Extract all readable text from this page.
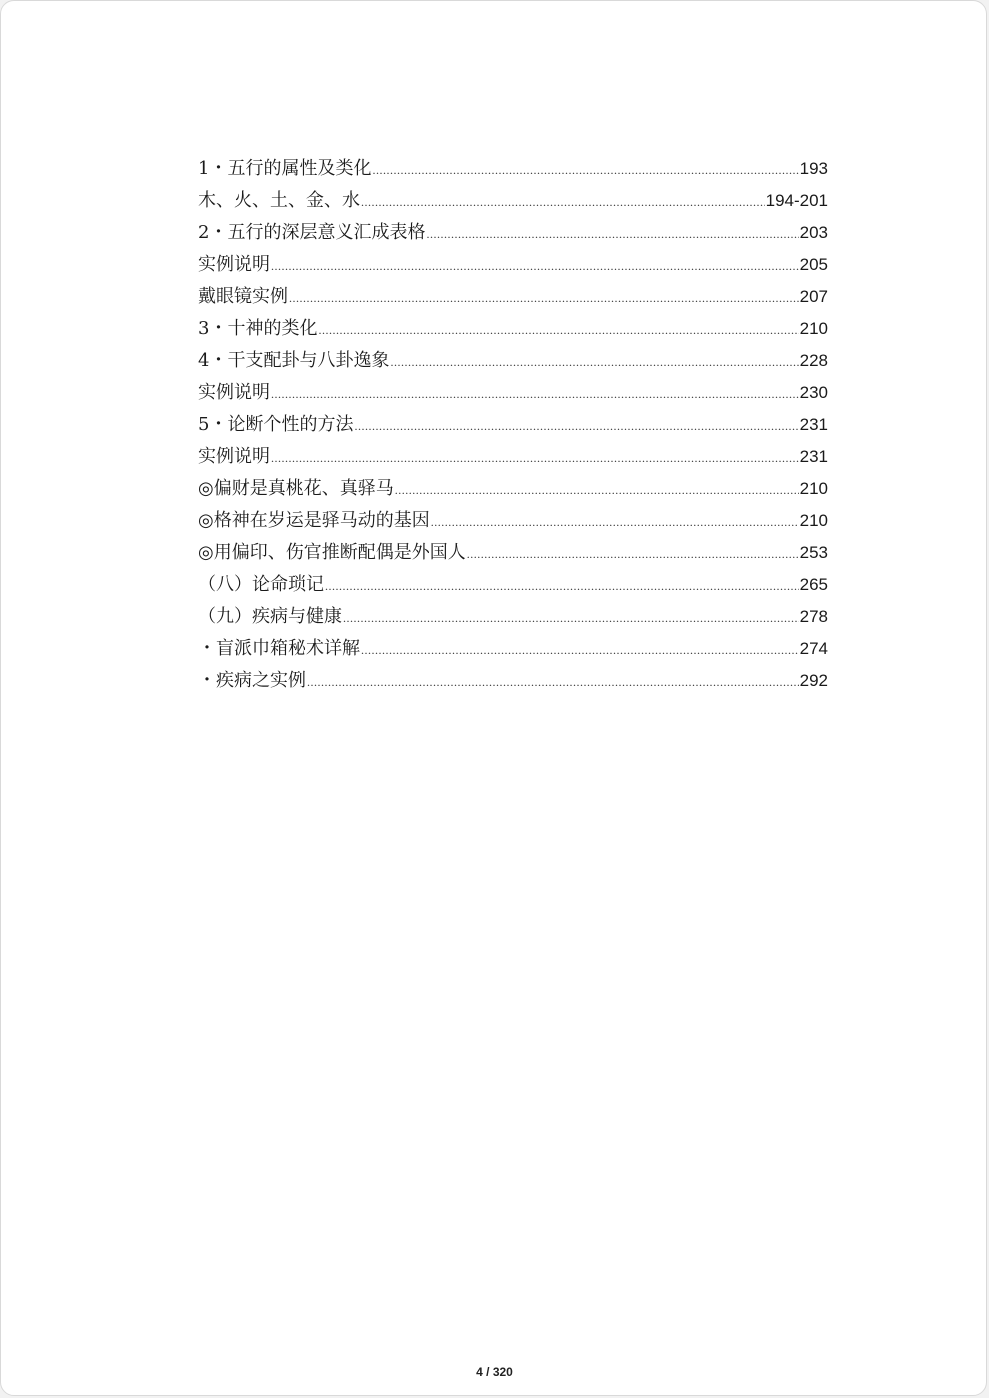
1・五行的属性及类化 .....	193
木、火、土、金、水 .....	194-201
2・五行的深层意义汇成表格 .....	203
实例说明 .....	205
戴眼镜实例 .....	207
3・十神的类化 .....	210
4・干支配卦与八卦逸象 .....	228
实例说明 .....	230
5・论断个性的方法 .....	231
实例说明 .....	231
◎偏财是真桃花、真驿马 .....	210
◎格神在岁运是驿马动的基因 .....	210
◎用偏印、伤官推断配偶是外国人 .....	253
（八）论命琐记 .....	265
（九）疾病与健康 .....	278
・盲派巾箱秘术详解 .....	274
・疾病之实例 .....	292
4 / 320
